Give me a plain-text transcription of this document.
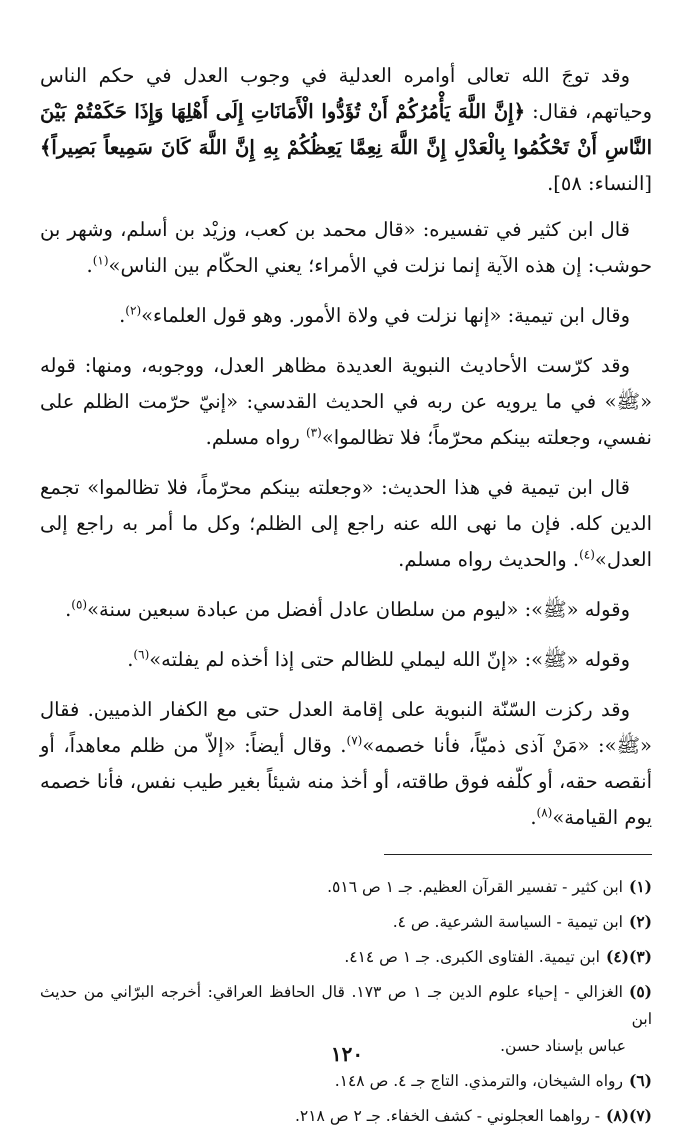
وقد توجَ الله تعالى أوامره العدلية في وجوب العدل في حكم الناس وحياتهم، فقال: ﴿إِنَّ اللَّهَ يَأْمُرُكُمْ أَنْ تُؤَدُّوا الْأَمَانَاتِ إِلَى أَهْلِهَا وَإِذَا حَكَمْتُمْ بَيْنَ النَّاسِ أَنْ تَحْكُمُوا بِالْعَدْلِ إِنَّ اللَّهَ نِعِمَّا يَعِظُكُمْ بِهِ إِنَّ اللَّهَ كَانَ سَمِيعاً بَصِيراً﴾ [النساء: ٥٨].

قال ابن كثير في تفسيره: «قال محمد بن كعب، وزيْد بن أسلم، وشهر بن حوشب: إن هذه الآية إنما نزلت في الأمراء؛ يعني الحكّام بين الناس»$^{(١)}$.

وقال ابن تيمية: «إنها نزلت في ولاة الأمور. وهو قول العلماء»$^{(٢)}$.

وقد كرّست الأحاديث النبوية العديدة مظاهر العدل، ووجوبه، ومنها: قوله «ﷺ» في ما يرويه عن ربه في الحديث القدسي: «إنيّ حرّمت الظلم على نفسي، وجعلته بينكم محرّماً؛ فلا تظالموا»$^{(٣)}$ رواه مسلم.

قال ابن تيمية في هذا الحديث: «وجعلته بينكم محرّماً، فلا تظالموا» تجمع الدين كله. فإن ما نهى الله عنه راجع إلى الظلم؛ وكل ما أمر به راجع إلى العدل»$^{(٤)}$. والحديث رواه مسلم.

وقوله «ﷺ»: «ليوم من سلطان عادل أفضل من عبادة سبعين سنة»$^{(٥)}$.

وقوله «ﷺ»: «إنّ الله ليملي للظالم حتى إذا أخذه لم يفلته»$^{(٦)}$.

وقد ركزت السّنّة النبوية على إقامة العدل حتى مع الكفار الذميين. فقال «ﷺ»: «مَنْ آذى ذميّاً، فأنا خصمه»$^{(٧)}$. وقال أيضاً: «إلاّ من ظلم معاهداً، أو أنقصه حقه، أو كلّفه فوق طاقته، أو أخذ منه شيئاً بغير طيب نفس، فأنا خصمه يوم القيامة»$^{(٨)}$.

(١)ابن كثير - تفسير القرآن العظيم. جـ ١ ص ٥١٦.
(٢)ابن تيمية - السياسة الشرعية. ص ٤.
(٣)(٤)ابن تيمية. الفتاوى الكبرى. جـ ١ ص ٤١٤.
(٥)الغزالي - إحياء علوم الدين جـ ١ ص ١٧٣. قال الحافظ العراقي: أخرجه البرّاني من حديث ابن
عباس بإسناد حسن.
(٦)رواه الشيخان، والترمذي. التاج جـ ٤. ص ١٤٨.
(٧)(٨)- رواهما العجلوني - كشف الخفاء. جـ ٢ ص ٢١٨.
١٢٠
